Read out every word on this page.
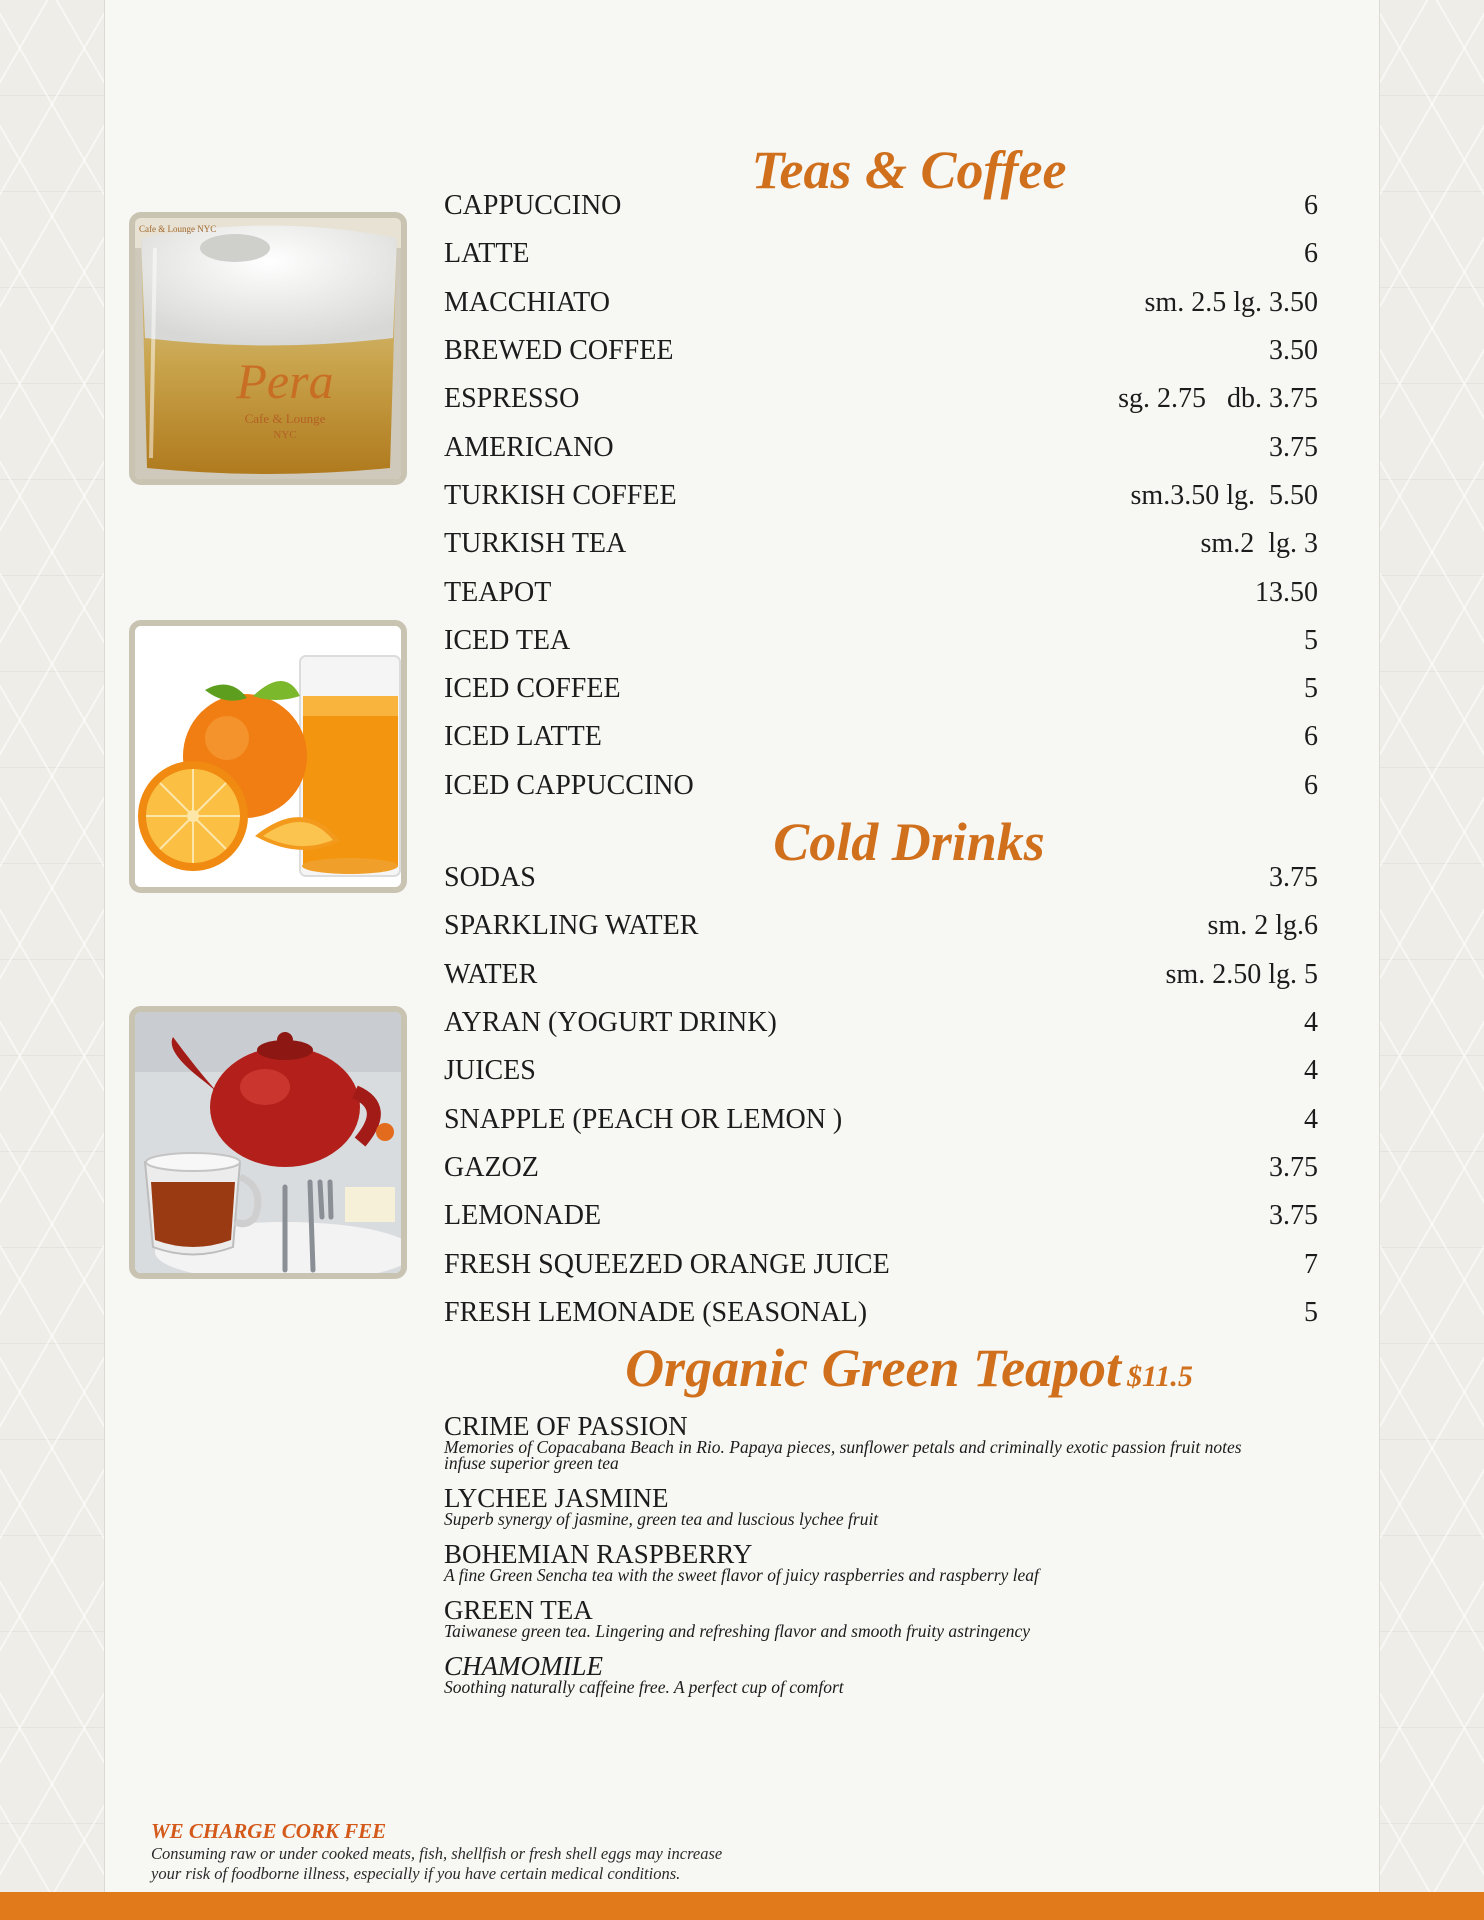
Pera
Cafe & Lounge
NYC
Cafe & Lounge NYC
Teas & Coffee
CAPPUCCINO	6
LATTE	6
MACCHIATO	sm. 2.5 lg. 3.50
BREWED COFFEE	3.50
ESPRESSO	sg. 2.75   db. 3.75
AMERICANO	3.75
TURKISH COFFEE	sm.3.50 lg.  5.50
TURKISH TEA	sm.2  lg. 3
TEAPOT	13.50
ICED TEA	5
ICED COFFEE	5
ICED LATTE	6
ICED CAPPUCCINO	6
Cold Drinks
SODAS	3.75
SPARKLING WATER	sm. 2 lg.6
WATER	sm. 2.50 lg. 5
AYRAN (YOGURT DRINK)	4
JUICES	4
SNAPPLE (PEACH OR LEMON )	4
GAZOZ	3.75
LEMONADE	3.75
FRESH SQUEEZED ORANGE JUICE	7
FRESH LEMONADE (SEASONAL)	5
Organic Green Teapot $11.5
CRIME OF PASSION
Memories of Copacabana Beach in Rio. Papaya pieces, sunflower petals and criminally exotic passion fruit notes infuse superior green tea
LYCHEE JASMINE
Superb synergy of jasmine, green tea and luscious lychee fruit
BOHEMIAN RASPBERRY
A fine Green Sencha tea with the sweet flavor of juicy raspberries and raspberry leaf
GREEN TEA
Taiwanese green tea. Lingering and refreshing flavor and smooth fruity astringency
CHAMOMILE
Soothing naturally caffeine free. A perfect cup of comfort
WE CHARGE CORK FEE
Consuming raw or under cooked meats, fish, shellfish or fresh shell eggs may increase
your risk of foodborne illness, especially if you have certain medical conditions.
